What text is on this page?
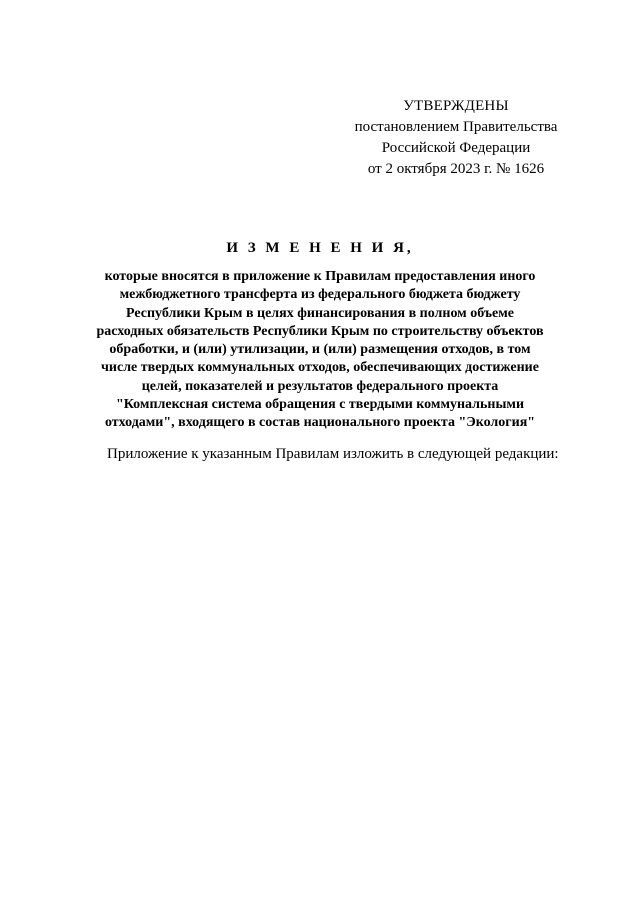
УТВЕРЖДЕНЫ
постановлением Правительства
Российской Федерации
от 2 октября 2023 г. № 1626
И З М Е Н Е Н И Я,
которые вносятся в приложение к Правилам предоставления иного
межбюджетного трансферта из федерального бюджета бюджету
Республики Крым в целях финансирования в полном объеме
расходных обязательств Республики Крым по строительству объектов
обработки, и (или) утилизации, и (или) размещения отходов, в том
числе твердых коммунальных отходов, обеспечивающих достижение
целей, показателей и результатов федерального проекта
"Комплексная система обращения с твердыми коммунальными
отходами", входящего в состав национального проекта "Экология"
Приложение к указанным Правилам изложить в следующей редакции:
